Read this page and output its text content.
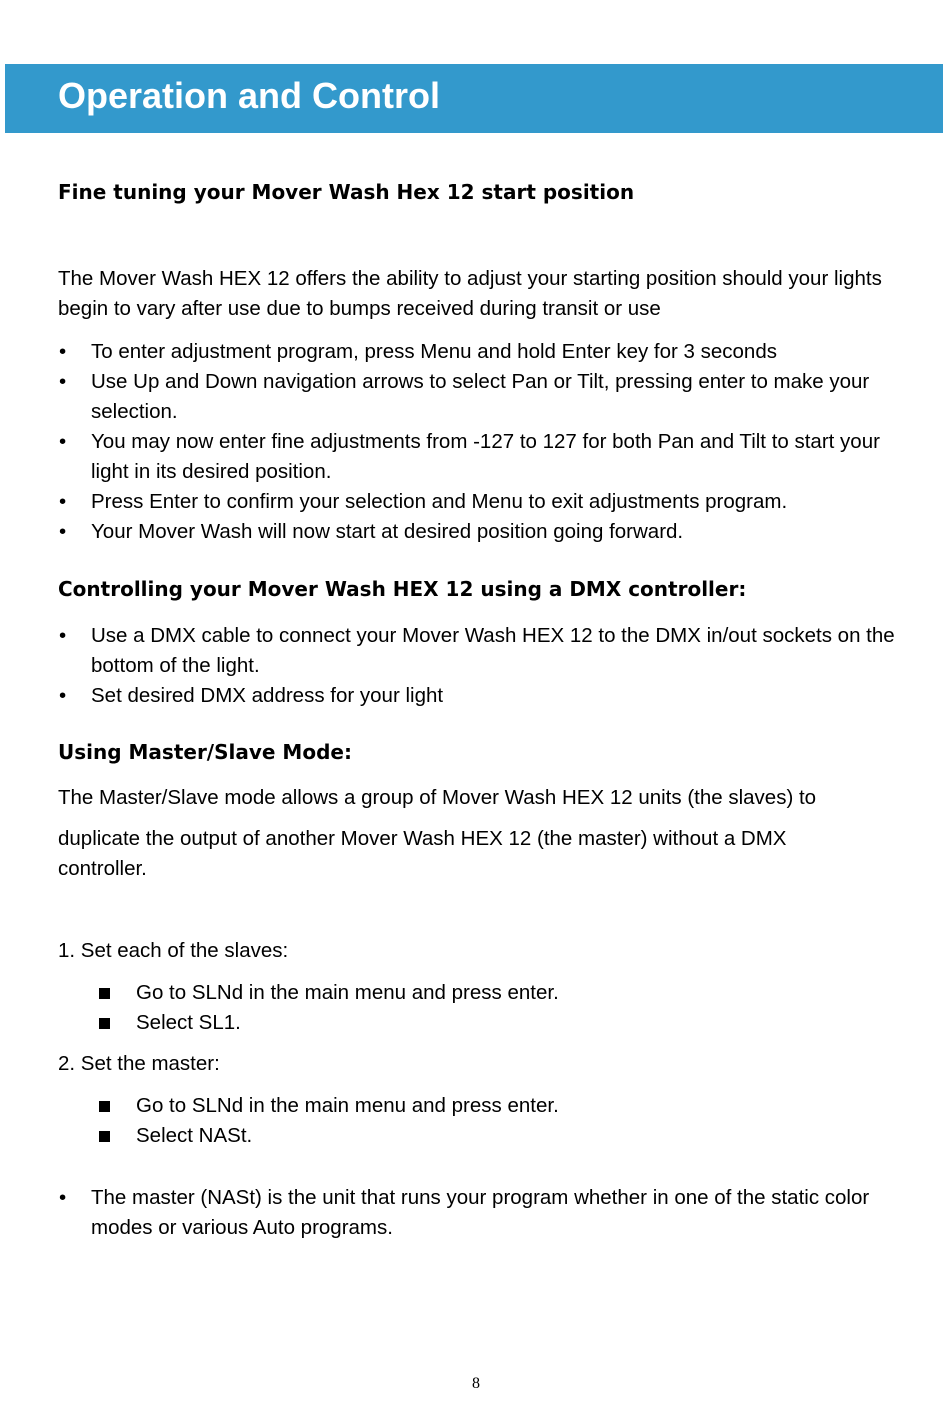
Operation and Control
Fine tuning your Mover Wash Hex 12 start position

The Mover Wash HEX 12 offers the ability to adjust your starting position should your lights begin to vary after use due to bumps received during transit or use

• To enter adjustment program, press Menu and hold Enter key for 3 seconds
• Use Up and Down navigation arrows to select Pan or Tilt, pressing enter to make your selection.
• You may now enter fine adjustments from -127 to 127 for both Pan and Tilt to start your light in its desired position.
• Press Enter to confirm your selection and Menu to exit adjustments program.
• Your Mover Wash will now start at desired position going forward.
Controlling your Mover Wash HEX 12 using a DMX controller:
• Use a DMX cable to connect your Mover Wash HEX 12 to the DMX in/out sockets on the bottom of the light.
• Set desired DMX address for your light
Using Master/Slave Mode:

The Master/Slave mode allows a group of Mover Wash HEX 12 units (the slaves) to

duplicate the output of another Mover Wash HEX 12 (the master) without a DMX controller.

1. Set each of the slaves:

Go to SLNd in the main menu and press enter.
Select SL1.

2. Set the master:

Go to SLNd in the main menu and press enter.
Select NASt.
• The master (NASt) is the unit that runs your program whether in one of the static color modes or various Auto programs.
8
